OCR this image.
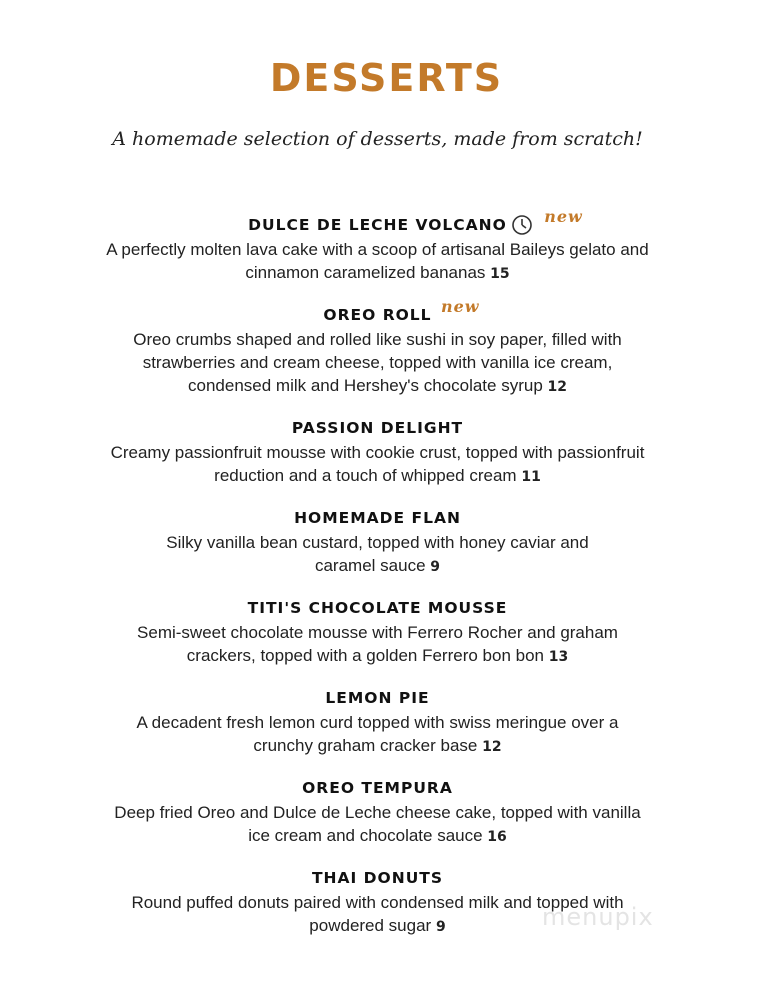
DESSERTS
A homemade selection of desserts, made from scratch!
DULCE DE LECHE VOLCANO new
A perfectly molten lava cake with a scoop of artisanal Baileys gelato and
cinnamon caramelized bananas 15
OREO ROLL new
Oreo crumbs shaped and rolled like sushi in soy paper, filled with
strawberries and cream cheese, topped with vanilla ice cream,
condensed milk and Hershey's chocolate syrup 12
PASSION DELIGHT
Creamy passionfruit mousse with cookie crust, topped with passionfruit
reduction and a touch of whipped cream 11
HOMEMADE FLAN
Silky vanilla bean custard, topped with honey caviar and
caramel sauce 9
TITI'S CHOCOLATE MOUSSE
Semi-sweet chocolate mousse with Ferrero Rocher and graham
crackers, topped with a golden Ferrero bon bon 13
LEMON PIE
A decadent fresh lemon curd topped with swiss meringue over a
crunchy graham cracker base 12
OREO TEMPURA
Deep fried Oreo and Dulce de Leche cheese cake, topped with vanilla
ice cream and chocolate sauce 16
THAI DONUTS
Round puffed donuts paired with condensed milk and topped with
powdered sugar 9	menupix
